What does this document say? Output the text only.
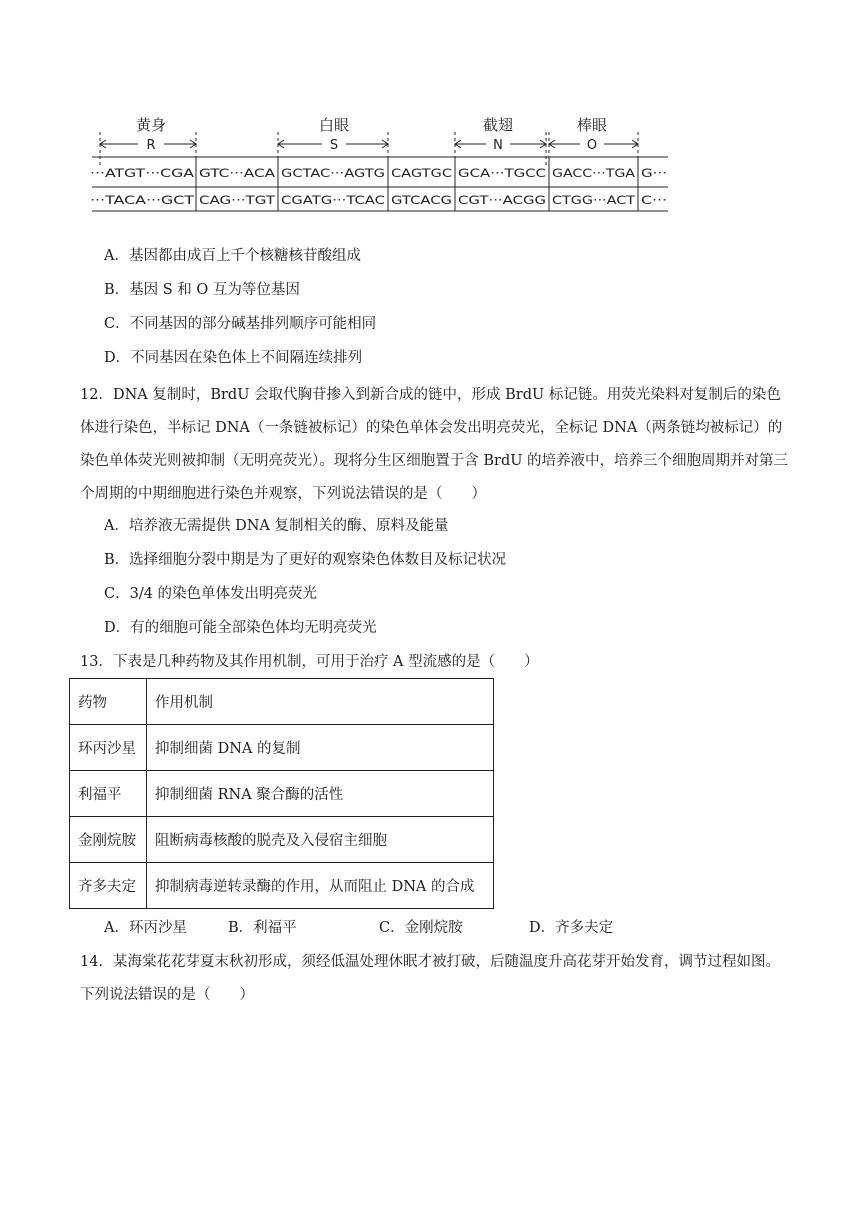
黄身	白眼	截翅	棒眼
R	S	N	O
···ATGT···CGA GTC···ACA GCTAC···AGTG CAGTGC GCA···TGCC GACC···TGA G···
···TACA···GCT CAG···TGT CGATG···TCAC GTCACG CGT···ACGG CTGG···ACT C···
A．基因都由成百上千个核糖核苷酸组成
B．基因 S 和 O 互为等位基因
C．不同基因的部分碱基排列顺序可能相同
D．不同基因在染色体上不间隔连续排列
12．DNA 复制时，BrdU 会取代胸苷掺入到新合成的链中，形成 BrdU 标记链。用荧光染料对复制后的染色体进行染色，半标记 DNA（一条链被标记）的染色单体会发出明亮荧光，全标记 DNA（两条链均被标记）的染色单体荧光则被抑制（无明亮荧光）。现将分生区细胞置于含 BrdU 的培养液中，培养三个细胞周期并对第三个周期的中期细胞进行染色并观察，下列说法错误的是（　　）
A．培养液无需提供 DNA 复制相关的酶、原料及能量
B．选择细胞分裂中期是为了更好的观察染色体数目及标记状况
C．3/4 的染色单体发出明亮荧光
D．有的细胞可能全部染色体均无明亮荧光
13．下表是几种药物及其作用机制，可用于治疗 A 型流感的是（　　）
药物	作用机制
环丙沙星	抑制细菌 DNA 的复制
利福平	抑制细菌 RNA 聚合酶的活性
金刚烷胺	阻断病毒核酸的脱壳及入侵宿主细胞
齐多夫定	抑制病毒逆转录酶的作用，从而阻止 DNA 的合成
A．环丙沙星	B．利福平	C．金刚烷胺	D．齐多夫定
14．某海棠花花芽夏末秋初形成，须经低温处理休眠才被打破，后随温度升高花芽开始发育，调节过程如图。下列说法错误的是（　　）
